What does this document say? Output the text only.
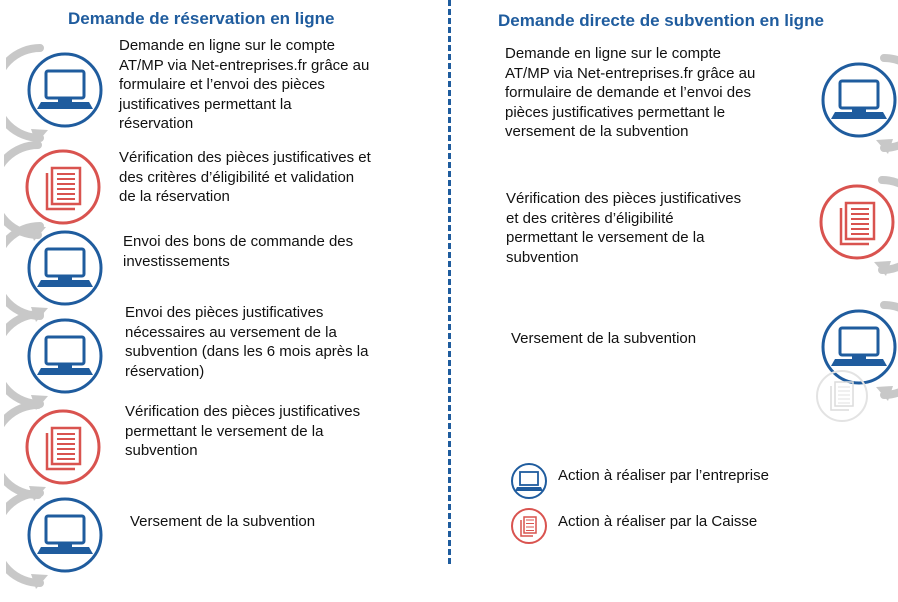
Demande de réservation en ligne	Demande directe de subvention en ligne

Demande en ligne sur le compte
AT/MP via Net-entreprises.fr grâce au
formulaire et l’envoi des pièces
justificatives permettant la
réservation

Vérification des pièces justificatives et
des critères d’éligibilité et validation
de la réservation

Envoi des bons de commande des
investissements

Envoi des pièces justificatives
nécessaires au versement de la
subvention (dans les 6 mois après la
réservation)

Vérification des pièces justificatives
permettant le versement de la
subvention

Versement de la subvention

Demande en ligne sur le compte
AT/MP via Net-entreprises.fr grâce au
formulaire de demande et l’envoi des
pièces justificatives permettant le
versement de la subvention

Vérification des pièces justificatives
et des critères d’éligibilité
permettant le versement de la
subvention

Versement de la subvention

Action à réaliser par l’entreprise
Action à réaliser par la Caisse
